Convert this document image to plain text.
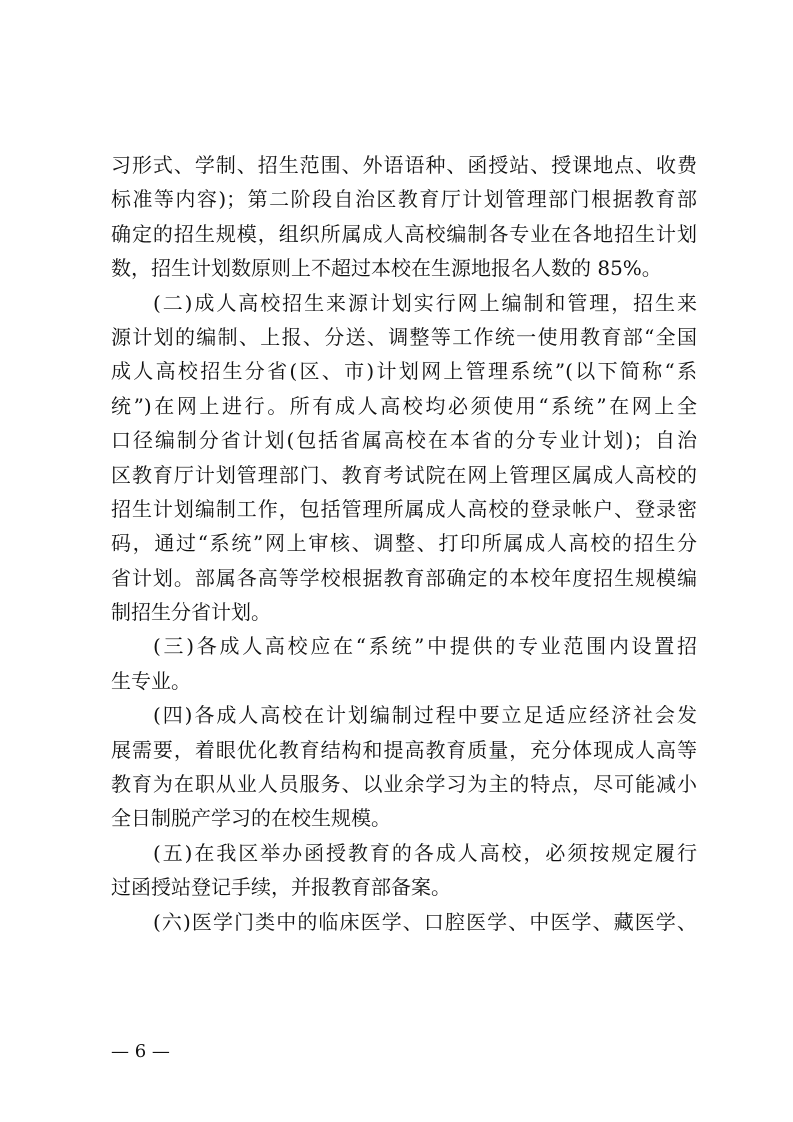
习形式、学制、招生范围、外语语种、函授站、授课地点、收费
标准等内容)；第二阶段自治区教育厅计划管理部门根据教育部
确定的招生规模，组织所属成人高校编制各专业在各地招生计划
数，招生计划数原则上不超过本校在生源地报名人数的 85%。
(二)成人高校招生来源计划实行网上编制和管理，招生来
源计划的编制、上报、分送、调整等工作统一使用教育部“全国
成人高校招生分省(区、市)计划网上管理系统”(以下简称“系
统”)在网上进行。所有成人高校均必须使用“系统”在网上全
口径编制分省计划(包括省属高校在本省的分专业计划)；自治
区教育厅计划管理部门、教育考试院在网上管理区属成人高校的
招生计划编制工作，包括管理所属成人高校的登录帐户、登录密
码，通过“系统”网上审核、调整、打印所属成人高校的招生分
省计划。部属各高等学校根据教育部确定的本校年度招生规模编
制招生分省计划。
(三)各成人高校应在“系统”中提供的专业范围内设置招
生专业。
(四)各成人高校在计划编制过程中要立足适应经济社会发
展需要，着眼优化教育结构和提高教育质量，充分体现成人高等
教育为在职从业人员服务、以业余学习为主的特点，尽可能减小
全日制脱产学习的在校生规模。
(五)在我区举办函授教育的各成人高校，必须按规定履行
过函授站登记手续，并报教育部备案。
(六)医学门类中的临床医学、口腔医学、中医学、藏医学、
— 6 —
